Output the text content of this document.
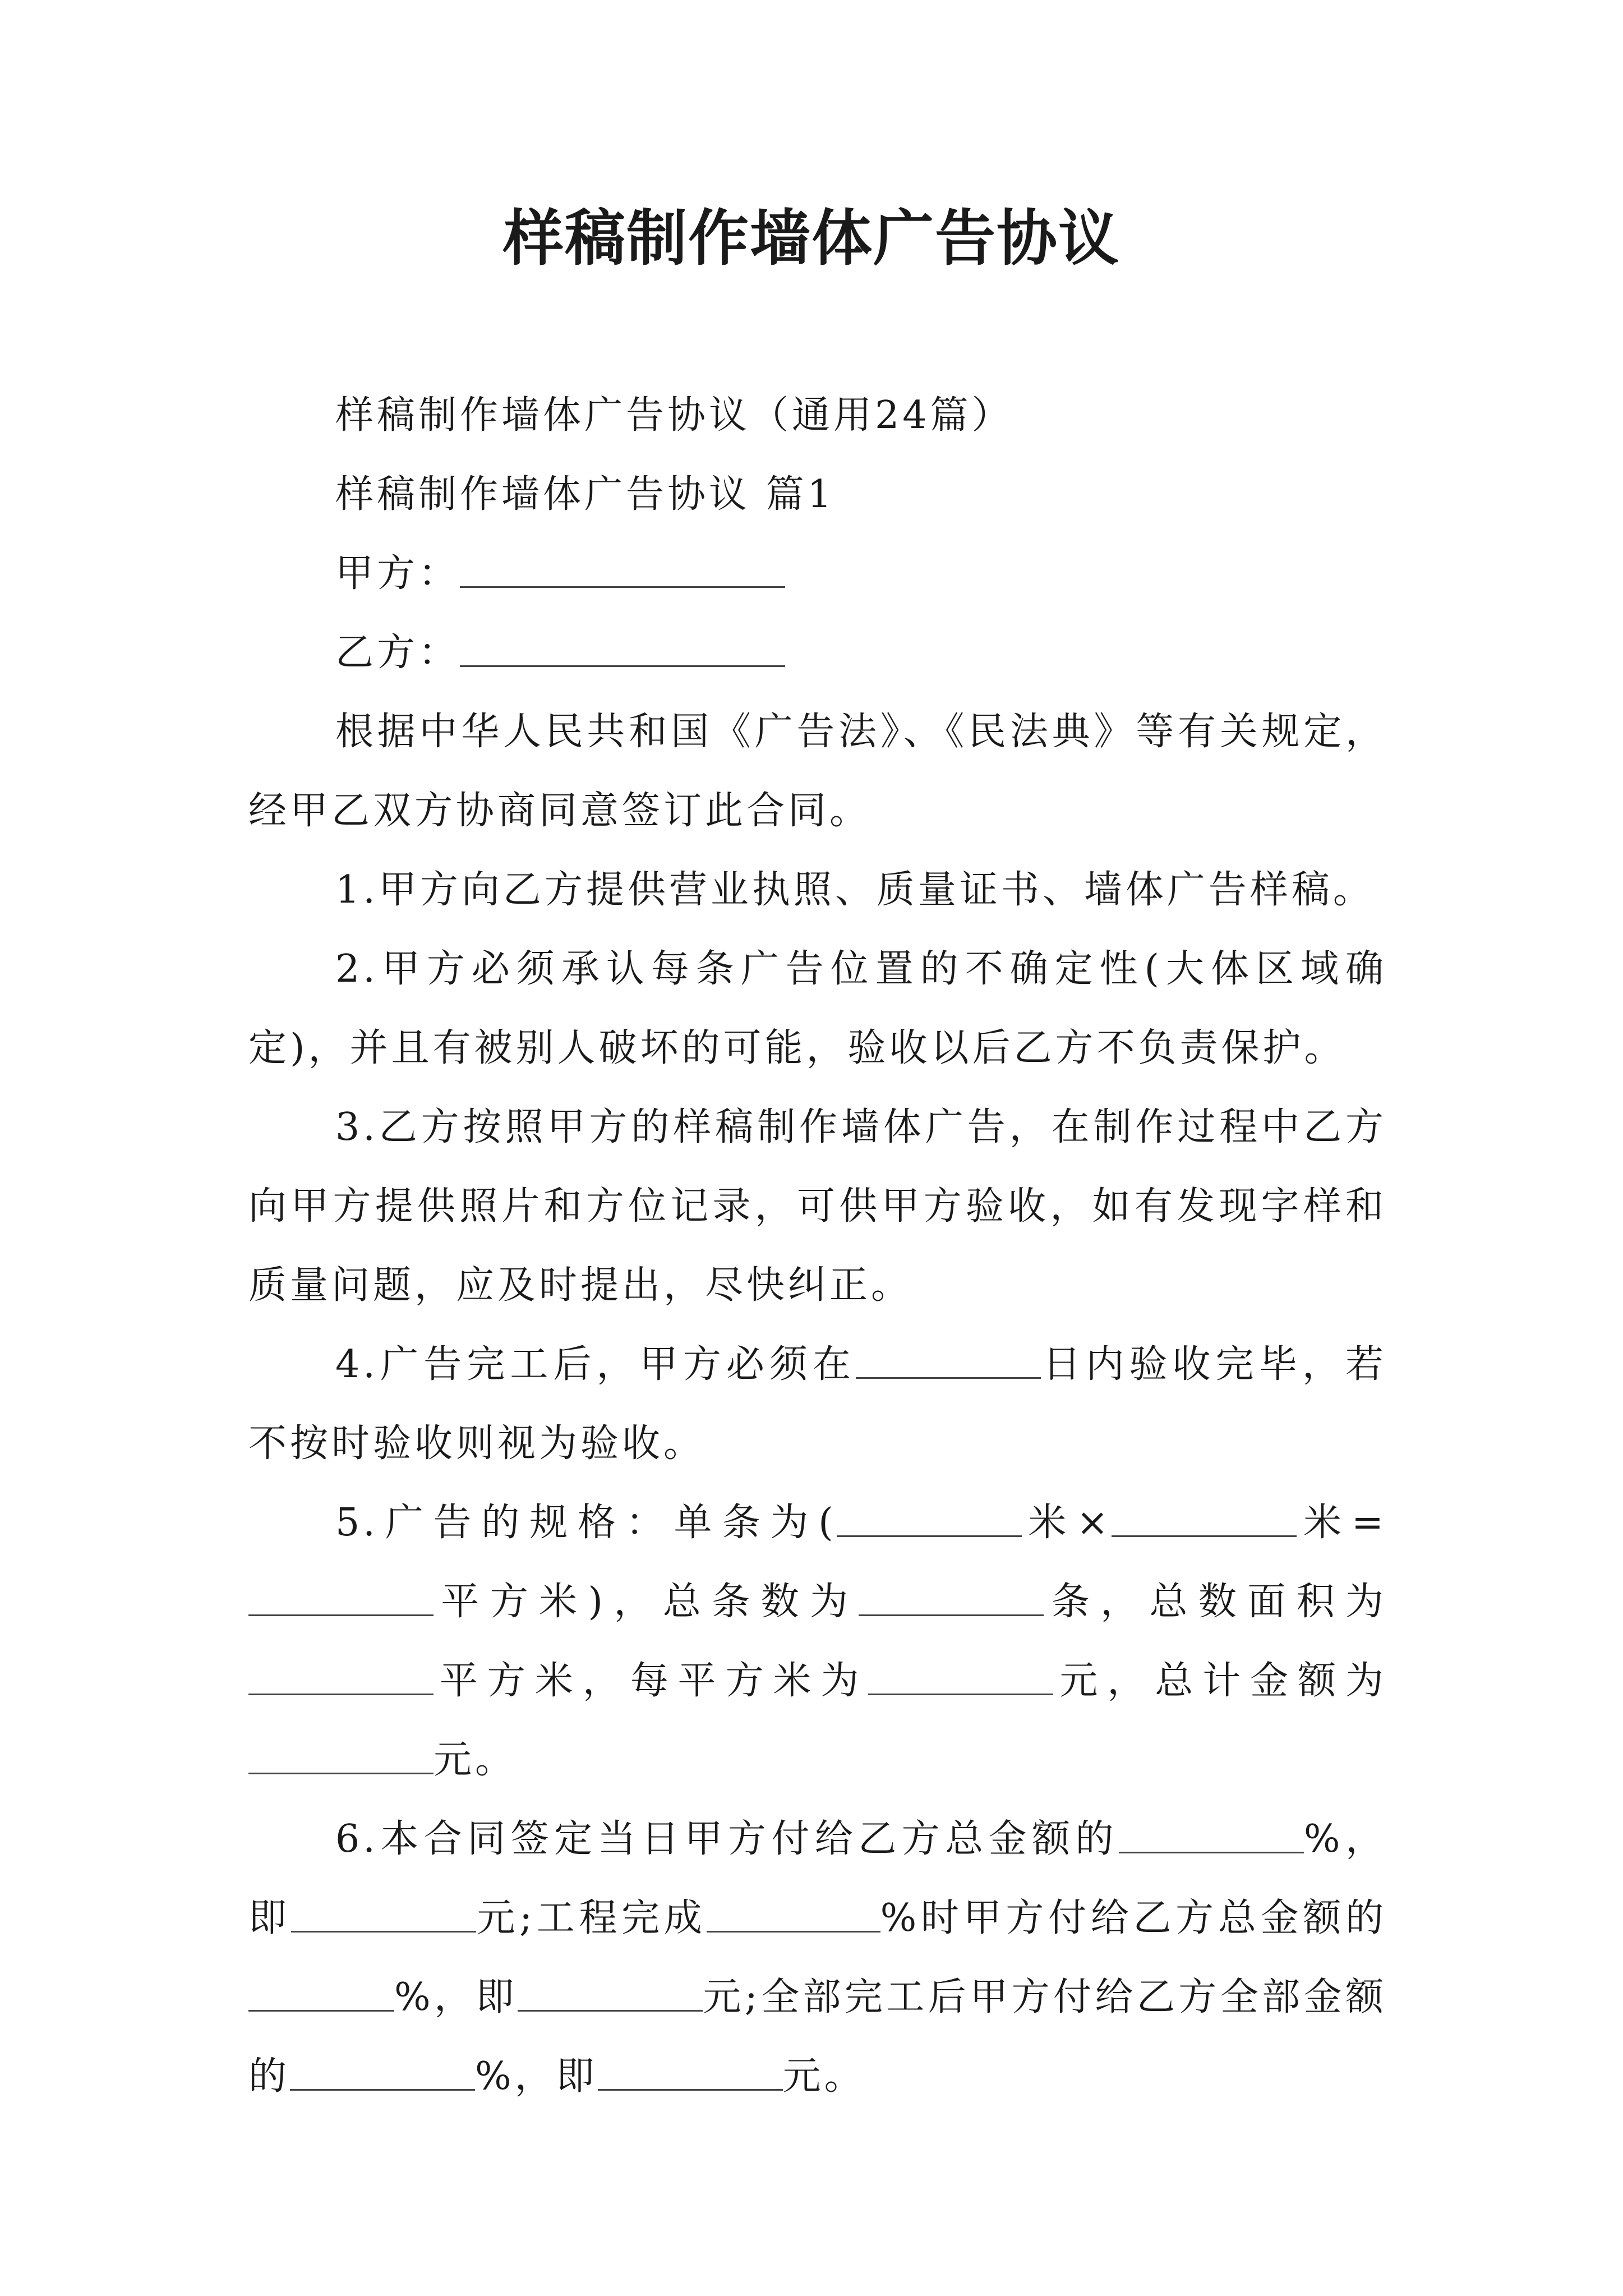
样稿制作墙体广告协议

样稿制作墙体广告协议（通用24篇）

样稿制作墙体广告协议 篇1

甲方：

乙方：

根据中华人民共和国《广告法》、《民法典》等有关规定，经甲乙双方协商同意签订此合同。

1.甲方向乙方提供营业执照、质量证书、墙体广告样稿。

2.甲方必须承认每条广告位置的不确定性(大体区域确定)，并且有被别人破坏的可能，验收以后乙方不负责保护。

3.乙方按照甲方的样稿制作墙体广告，在制作过程中乙方向甲方提供照片和方位记录，可供甲方验收，如有发现字样和质量问题，应及时提出，尽快纠正。

4.广告完工后，甲方必须在	日内验收完毕，若不按时验收则视为验收。

5.广告的规格：单条为(	米×	米=平方米)，总条数为	条，总数面积为平方米，每平方米为	元，总计金额为元。

6.本合同签定当日甲方付给乙方总金额的	%，即	元;工程完成	%时甲方付给乙方总金额的%，即	元;全部完工后甲方付给乙方全部金额的	%，即	元。
